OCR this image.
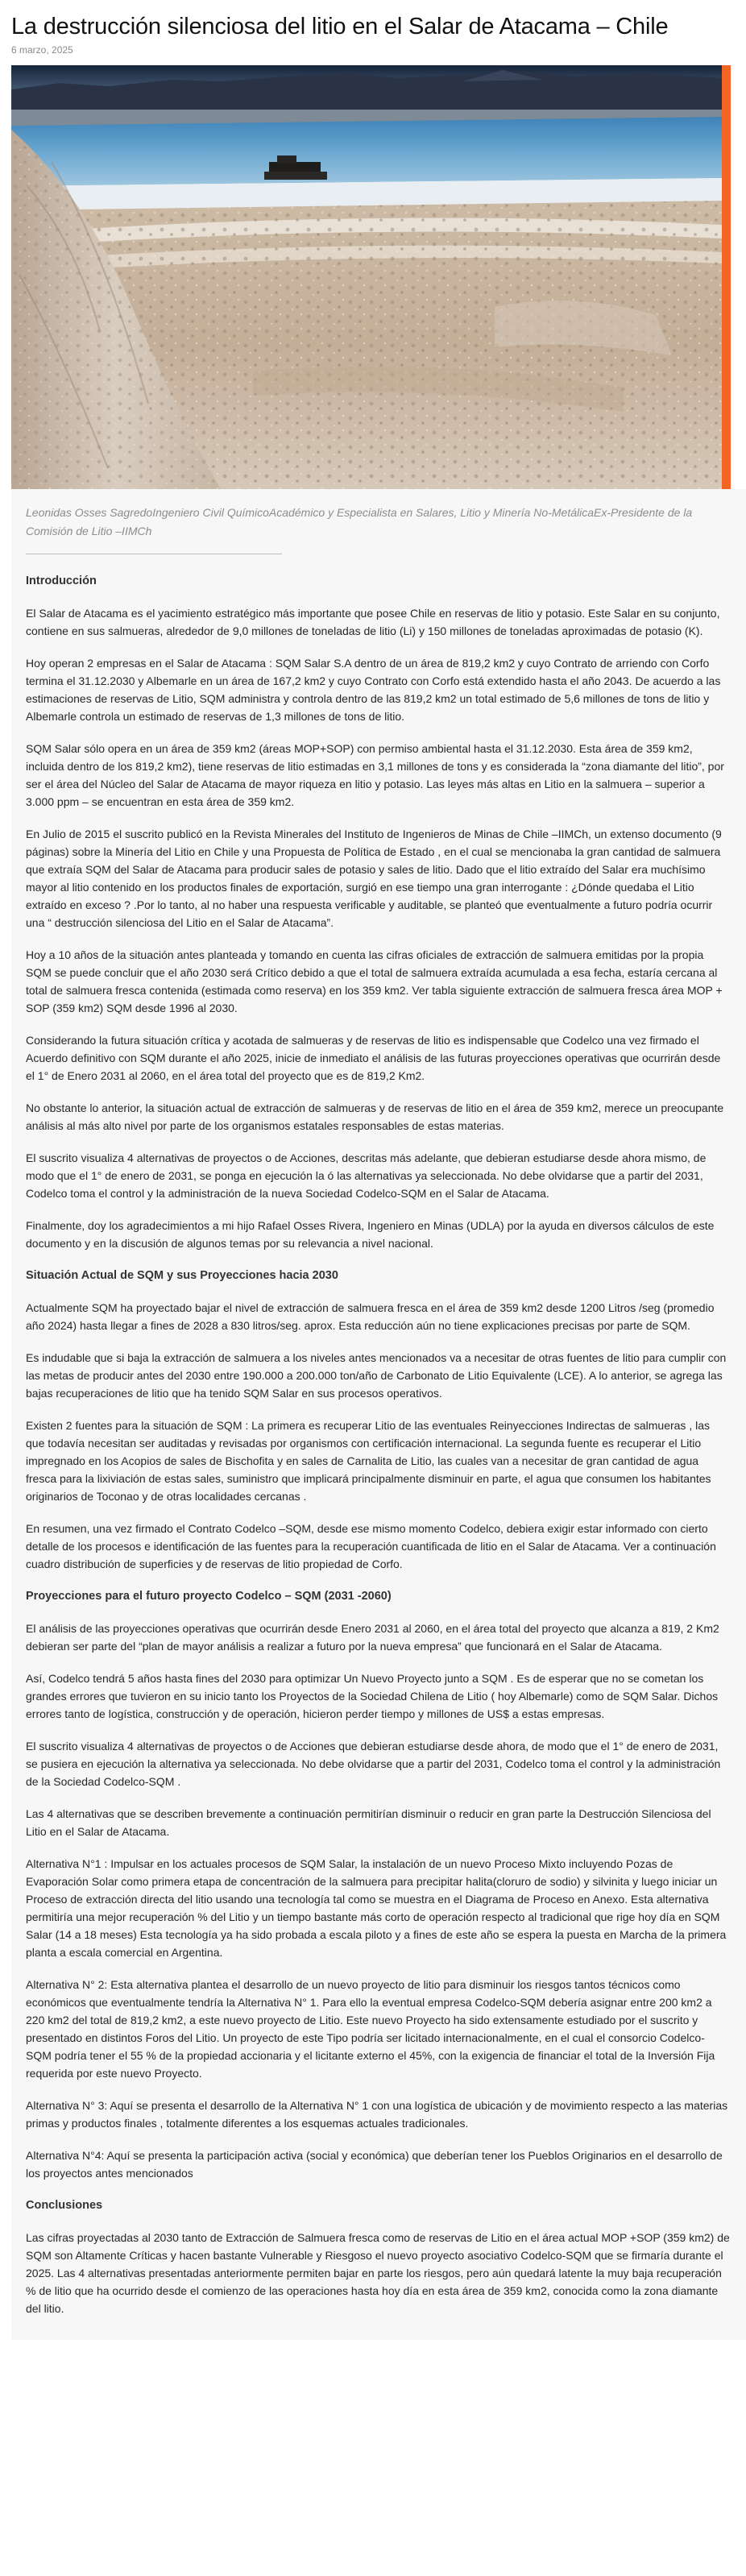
La destrucción silenciosa del litio en el Salar de Atacama – Chile
6 marzo, 2025
Leonidas Osses SagredoIngeniero Civil QuímicoAcadémico y Especialista en Salares, Litio y Minería No-MetálicaEx-Presidente de la Comisión de Litio –IIMCh
Introducción

El Salar de Atacama es el yacimiento estratégico más importante que posee Chile en reservas de litio y potasio. Este Salar en su conjunto, contiene en sus salmueras, alrededor de 9,0 millones de toneladas de litio (Li) y 150 millones de toneladas aproximadas de potasio (K).

Hoy operan 2 empresas en el Salar de Atacama : SQM Salar S.A dentro de un área de 819,2 km2 y cuyo Contrato de arriendo con Corfo termina el 31.12.2030 y Albemarle en un área de 167,2 km2 y cuyo Contrato con Corfo está extendido hasta el año 2043. De acuerdo a las estimaciones de reservas de Litio, SQM administra y controla dentro de las 819,2 km2 un total estimado de 5,6 millones de tons de litio y Albemarle controla un estimado de reservas de 1,3 millones de tons de litio.

SQM Salar sólo opera en un área de 359 km2 (áreas MOP+SOP) con permiso ambiental hasta el 31.12.2030. Esta área de 359 km2, incluida dentro de los 819,2 km2), tiene reservas de litio estimadas en 3,1 millones de tons y es considerada la “zona diamante del litio”, por ser el área del Núcleo del Salar de Atacama de mayor riqueza en litio y potasio. Las leyes más altas en Litio en la salmuera – superior a 3.000 ppm – se encuentran en esta área de 359 km2.

En Julio de 2015 el suscrito publicó en la Revista Minerales del Instituto de Ingenieros de Minas de Chile –IIMCh, un extenso documento (9 páginas) sobre la Minería del Litio en Chile y una Propuesta de Política de Estado , en el cual se mencionaba la gran cantidad de salmuera que extraía SQM del Salar de Atacama para producir sales de potasio y sales de litio. Dado que el litio extraído del Salar era muchísimo mayor al litio contenido en los productos finales de exportación, surgió en ese tiempo una gran interrogante : ¿Dónde quedaba el Litio extraído en exceso ? .Por lo tanto, al no haber una respuesta verificable y auditable, se planteó que eventualmente a futuro podría ocurrir una “ destrucción silenciosa del Litio en el Salar de Atacama”.

Hoy a 10 años de la situación antes planteada y tomando en cuenta las cifras oficiales de extracción de salmuera emitidas por la propia SQM se puede concluir que el año 2030 será Crítico debido a que el total de salmuera extraída acumulada a esa fecha, estaría cercana al total de salmuera fresca contenida (estimada como reserva) en los 359 km2. Ver tabla siguiente extracción de salmuera fresca área MOP + SOP (359 km2) SQM desde 1996 al 2030.

Considerando la futura situación crítica y acotada de salmueras y de reservas de litio es indispensable que Codelco una vez firmado el Acuerdo definitivo con SQM durante el año 2025, inicie de inmediato el análisis de las futuras proyecciones operativas que ocurrirán desde el 1° de Enero 2031 al 2060, en el área total del proyecto que es de 819,2 Km2.

No obstante lo anterior, la situación actual de extracción de salmueras y de reservas de litio en el área de 359 km2, merece un preocupante análisis al más alto nivel por parte de los organismos estatales responsables de estas materias.

El suscrito visualiza 4 alternativas de proyectos o de Acciones, descritas más adelante, que debieran estudiarse desde ahora mismo, de modo que el 1° de enero de 2031, se ponga en ejecución la ó las alternativas ya seleccionada. No debe olvidarse que a partir del 2031, Codelco toma el control y la administración de la nueva Sociedad Codelco-SQM en el Salar de Atacama.

Finalmente, doy los agradecimientos a mi hijo Rafael Osses Rivera, Ingeniero en Minas (UDLA) por la ayuda en diversos cálculos de este documento y en la discusión de algunos temas por su relevancia a nivel nacional.

Situación Actual de SQM y sus Proyecciones hacia 2030

Actualmente SQM ha proyectado bajar el nivel de extracción de salmuera fresca en el área de 359 km2 desde 1200 Litros /seg (promedio año 2024) hasta llegar a fines de 2028 a 830 litros/seg. aprox. Esta reducción aún no tiene explicaciones precisas por parte de SQM.

Es indudable que si baja la extracción de salmuera a los niveles antes mencionados va a necesitar de otras fuentes de litio para cumplir con las metas de producir antes del 2030 entre 190.000 a 200.000 ton/año de Carbonato de Litio Equivalente (LCE). A lo anterior, se agrega las bajas recuperaciones de litio que ha tenido SQM Salar en sus procesos operativos.

Existen 2 fuentes para la situación de SQM : La primera es recuperar Litio de las eventuales Reinyecciones Indirectas de salmueras , las que todavía necesitan ser auditadas y revisadas por organismos con certificación internacional. La segunda fuente es recuperar el Litio impregnado en los Acopios de sales de Bischofita y en sales de Carnalita de Litio, las cuales van a necesitar de gran cantidad de agua fresca para la lixiviación de estas sales, suministro que implicará principalmente disminuir en parte, el agua que consumen los habitantes originarios de Toconao y de otras localidades cercanas .

En resumen, una vez firmado el Contrato Codelco –SQM, desde ese mismo momento Codelco, debiera exigir estar informado con cierto detalle de los procesos e identificación de las fuentes para la recuperación cuantificada de litio en el Salar de Atacama. Ver a continuación cuadro distribución de superficies y de reservas de litio propiedad de Corfo.

Proyecciones para el futuro proyecto Codelco – SQM (2031 -2060)

El análisis de las proyecciones operativas que ocurrirán desde Enero 2031 al 2060, en el área total del proyecto que alcanza a 819, 2 Km2 debieran ser parte del “plan de mayor análisis a realizar a futuro por la nueva empresa” que funcionará en el Salar de Atacama.

Así, Codelco tendrá 5 años hasta fines del 2030 para optimizar Un Nuevo Proyecto junto a SQM . Es de esperar que no se cometan los grandes errores que tuvieron en su inicio tanto los Proyectos de la Sociedad Chilena de Litio ( hoy Albemarle) como de SQM Salar. Dichos errores tanto de logística, construcción y de operación, hicieron perder tiempo y millones de US$ a estas empresas.

El suscrito visualiza 4 alternativas de proyectos o de Acciones que debieran estudiarse desde ahora, de modo que el 1° de enero de 2031, se pusiera en ejecución la alternativa ya seleccionada. No debe olvidarse que a partir del 2031, Codelco toma el control y la administración de la Sociedad Codelco-SQM .

Las 4 alternativas que se describen brevemente a continuación permitirían disminuir o reducir en gran parte la Destrucción Silenciosa del Litio en el Salar de Atacama.

Alternativa N°1 : Impulsar en los actuales procesos de SQM Salar, la instalación de un nuevo Proceso Mixto incluyendo Pozas de Evaporación Solar como primera etapa de concentración de la salmuera para precipitar halita(cloruro de sodio) y silvinita y luego iniciar un Proceso de extracción directa del litio usando una tecnología tal como se muestra en el Diagrama de Proceso en Anexo. Esta alternativa permitiría una mejor recuperación % del Litio y un tiempo bastante más corto de operación respecto al tradicional que rige hoy día en SQM Salar (14 a 18 meses) Esta tecnología ya ha sido probada a escala piloto y a fines de este año se espera la puesta en Marcha de la primera planta a escala comercial en Argentina.

Alternativa N° 2: Esta alternativa plantea el desarrollo de un nuevo proyecto de litio para disminuir los riesgos tantos técnicos como económicos que eventualmente tendría la Alternativa N° 1. Para ello la eventual empresa Codelco-SQM debería asignar entre 200 km2 a 220 km2 del total de 819,2 km2, a este nuevo proyecto de Litio. Este nuevo Proyecto ha sido extensamente estudiado por el suscrito y presentado en distintos Foros del Litio. Un proyecto de este Tipo podría ser licitado internacionalmente, en el cual el consorcio Codelco-SQM podría tener el 55 % de la propiedad accionaria y el licitante externo el 45%, con la exigencia de financiar el total de la Inversión Fija requerida por este nuevo Proyecto.

Alternativa N° 3: Aquí se presenta el desarrollo de la Alternativa N° 1 con una logística de ubicación y de movimiento respecto a las materias primas y productos finales , totalmente diferentes a los esquemas actuales tradicionales.

Alternativa N°4: Aquí se presenta la participación activa (social y económica) que deberían tener los Pueblos Originarios en el desarrollo de los proyectos antes mencionados

Conclusiones

Las cifras proyectadas al 2030 tanto de Extracción de Salmuera fresca como de reservas de Litio en el área actual MOP +SOP (359 km2) de SQM son Altamente Críticas y hacen bastante Vulnerable y Riesgoso el nuevo proyecto asociativo Codelco-SQM que se firmaría durante el 2025. Las 4 alternativas presentadas anteriormente permiten bajar en parte los riesgos, pero aún quedará latente la muy baja recuperación % de litio que ha ocurrido desde el comienzo de las operaciones hasta hoy día en esta área de 359 km2, conocida como la zona diamante del litio.
